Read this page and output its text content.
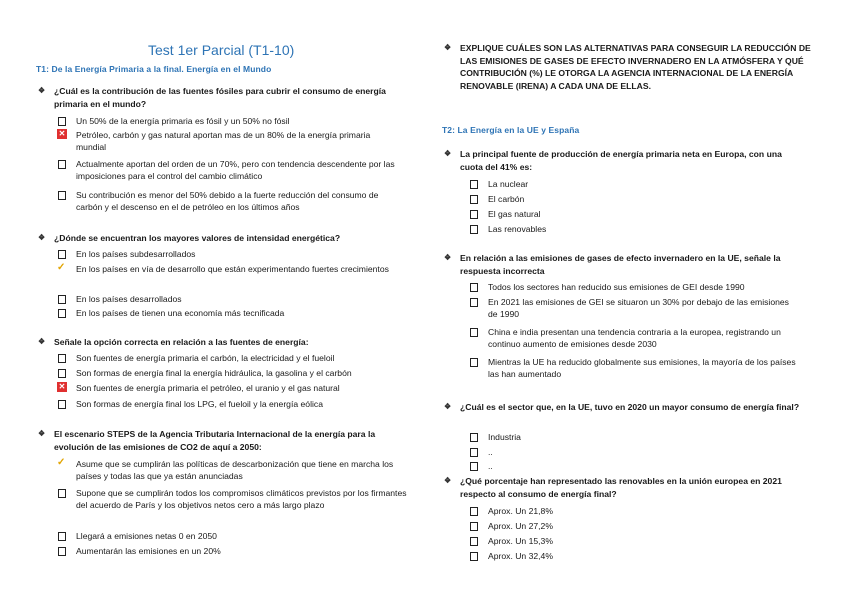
Test 1er Parcial (T1-10)
T1: De la Energía Primaria a la final. Energía en el Mundo
❖	¿Cuál es la contribución de las fuentes fósiles para cubrir el consumo de energía primaria en el mundo?
Un 50% de la energía primaria es fósil y un 50% no fósil
✕	Petróleo, carbón y gas natural aportan mas de un 80% de la energía primaria mundial
Actualmente aportan del orden de un 70%, pero con tendencia descendente por las imposiciones para el control del cambio climático
Su contribución es menor del 50% debido a la fuerte reducción del consumo de carbón y el descenso en el de petróleo en los últimos años
❖	¿Dónde se encuentran los mayores valores de intensidad energética?
En los países subdesarrollados
✓	En los países en vía de desarrollo que están experimentando fuertes crecimientos
En los países desarrollados
En los países de tienen una economía más tecnificada
❖	Señale la opción correcta en relación a las fuentes de energía:
Son fuentes de energía primaria el carbón, la electricidad y el fueloil
Son formas de energía final la energía hidráulica, la gasolina y el carbón
✕	Son fuentes de energía primaria el petróleo, el uranio y el gas natural
Son formas de energía final los LPG, el fueloil y la energía eólica
❖	El escenario STEPS de la Agencia Tributaria Internacional de la energía para la evolución de las emisiones de CO2 de aquí a 2050:
✓	Asume que se cumplirán las políticas de descarbonización que tiene en marcha los países y todas las que ya están anunciadas
Supone que se cumplirán todos los compromisos climáticos previstos por los firmantes del acuerdo de París y los objetivos netos cero a más largo plazo
Llegará a emisiones netas 0 en 2050
Aumentarán las emisiones en un 20%
❖	EXPLIQUE CUÁLES SON LAS ALTERNATIVAS PARA CONSEGUIR LA REDUCCIÓN DE LAS EMISIONES DE GASES DE EFECTO INVERNADERO EN LA ATMÓSFERA Y QUÉ CONTRIBUCIÓN (%) LE OTORGA LA AGENCIA INTERNACIONAL DE LA ENERGÍA RENOVABLE (IRENA) A CADA UNA DE ELLAS.
T2: La Energía en la UE y España
❖	La principal fuente de producción de energía primaria neta en Europa, con una cuota del 41% es:
La nuclear
El carbón
El gas natural
Las renovables
❖	En relación a las emisiones de gases de efecto invernadero en la UE, señale la respuesta incorrecta
Todos los sectores han reducido sus emisiones de GEI desde 1990
En 2021 las emisiones de GEI se situaron un 30% por debajo de las emisiones de 1990
China e india presentan una tendencia contraria a la europea, registrando un continuo aumento de emisiones desde 2030
Mientras la UE ha reducido globalmente sus emisiones, la mayoría de los países las han aumentado
❖	¿Cuál es el sector que, en la UE, tuvo en 2020 un mayor consumo de energía final?
Industria
..
..
❖	¿Qué porcentaje han representado las renovables en la unión europea en 2021 respecto al consumo de energía final?
Aprox. Un 21,8%
Aprox. Un 27,2%
Aprox. Un 15,3%
Aprox. Un 32,4%
